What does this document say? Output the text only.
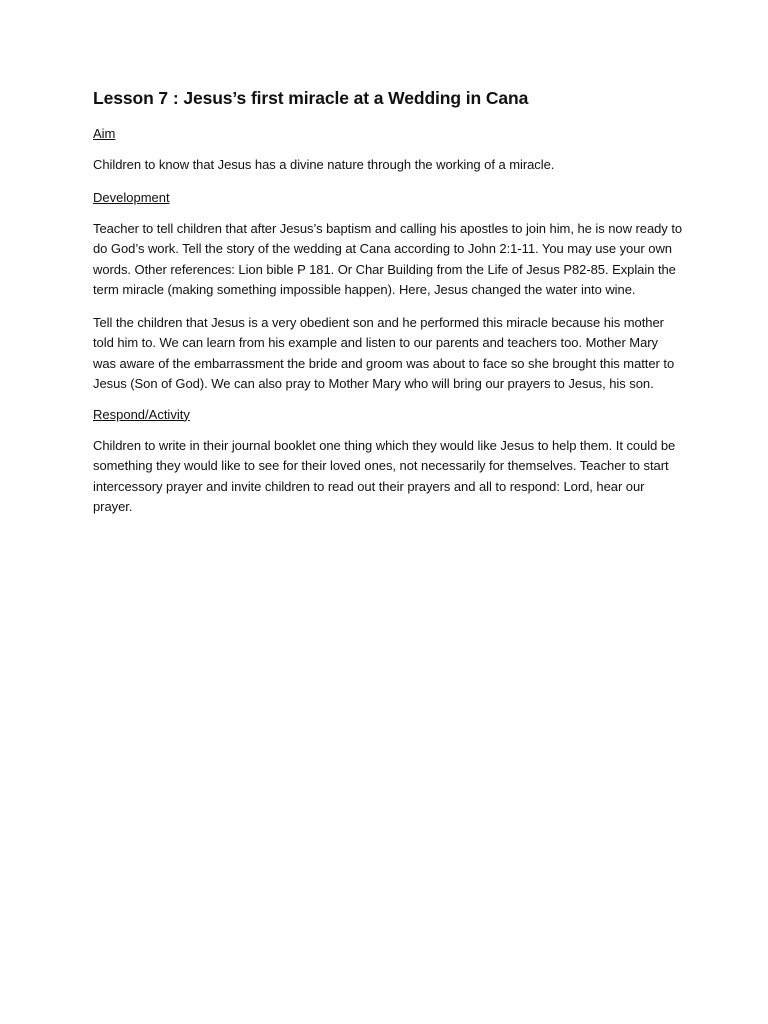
Lesson 7 : Jesus’s first miracle at a Wedding in Cana
Aim

Children to know that Jesus has a divine nature through the working of a miracle.

Development

Teacher to tell children that after Jesus’s baptism and calling his apostles to join him, he is now ready to do God’s work. Tell the story of the wedding at Cana according to John 2:1-11. You may use your own words. Other references: Lion bible P 181. Or Char Building from the Life of Jesus P82-85. Explain the term miracle (making something impossible happen). Here, Jesus changed the water into wine.

Tell the children that Jesus is a very obedient son and he performed this miracle because his mother told him to. We can learn from his example and listen to our parents and teachers too. Mother Mary was aware of the embarrassment the bride and groom was about to face so she brought this matter to Jesus (Son of God). We can also pray to Mother Mary who will bring our prayers to Jesus, his son.

Respond/Activity

Children to write in their journal booklet one thing which they would like Jesus to help them. It could be something they would like to see for their loved ones, not necessarily for themselves. Teacher to start intercessory prayer and invite children to read out their prayers and all to respond: Lord, hear our prayer.
